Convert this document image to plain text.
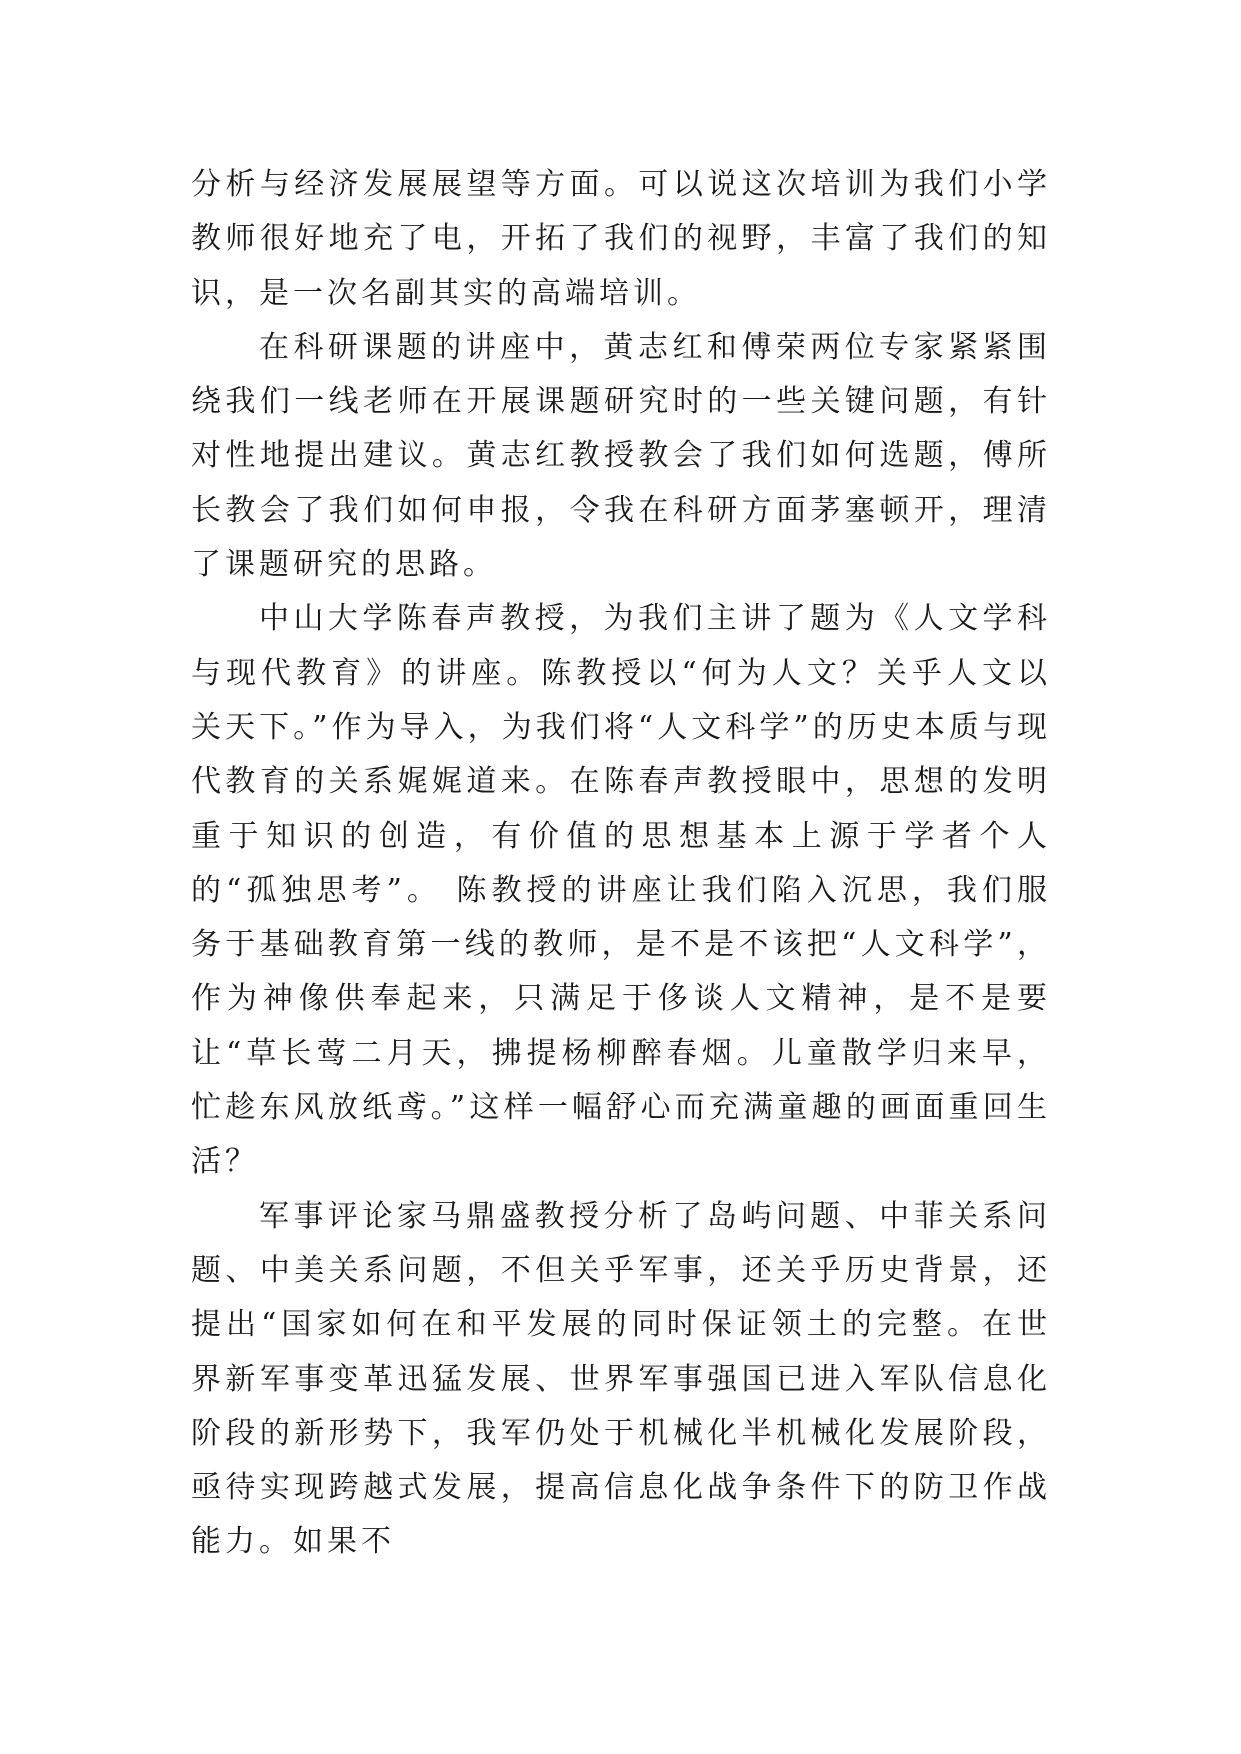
分析与经济发展展望等方面。可以说这次培训为我们小学教师很好地充了电，开拓了我们的视野，丰富了我们的知识，是一次名副其实的高端培训。

在科研课题的讲座中，黄志红和傅荣两位专家紧紧围绕我们一线老师在开展课题研究时的一些关键问题，有针对性地提出建议。黄志红教授教会了我们如何选题，傅所长教会了我们如何申报，令我在科研方面茅塞顿开，理清了课题研究的思路。

中山大学陈春声教授，为我们主讲了题为《人文学科与现代教育》的讲座。陈教授以“何为人文？关乎人文以关天下。”作为导入，为我们将“人文科学”的历史本质与现代教育的关系娓娓道来。在陈春声教授眼中，思想的发明重于知识的创造，有价值的思想基本上源于学者个人的“孤独思考”。 陈教授的讲座让我们陷入沉思，我们服务于基础教育第一线的教师，是不是不该把“人文科学”，作为神像供奉起来，只满足于侈谈人文精神，是不是要让“草长莺二月天，拂提杨柳醉春烟。儿童散学归来早，忙趁东风放纸鸢。”这样一幅舒心而充满童趣的画面重回生活？

军事评论家马鼎盛教授分析了岛屿问题、中菲关系问题、中美关系问题，不但关乎军事，还关乎历史背景，还提出“国家如何在和平发展的同时保证领土的完整。在世界新军事变革迅猛发展、世界军事强国已进入军队信息化阶段的新形势下，我军仍处于机械化半机械化发展阶段，亟待实现跨越式发展，提高信息化战争条件下的防卫作战能力。如果不
